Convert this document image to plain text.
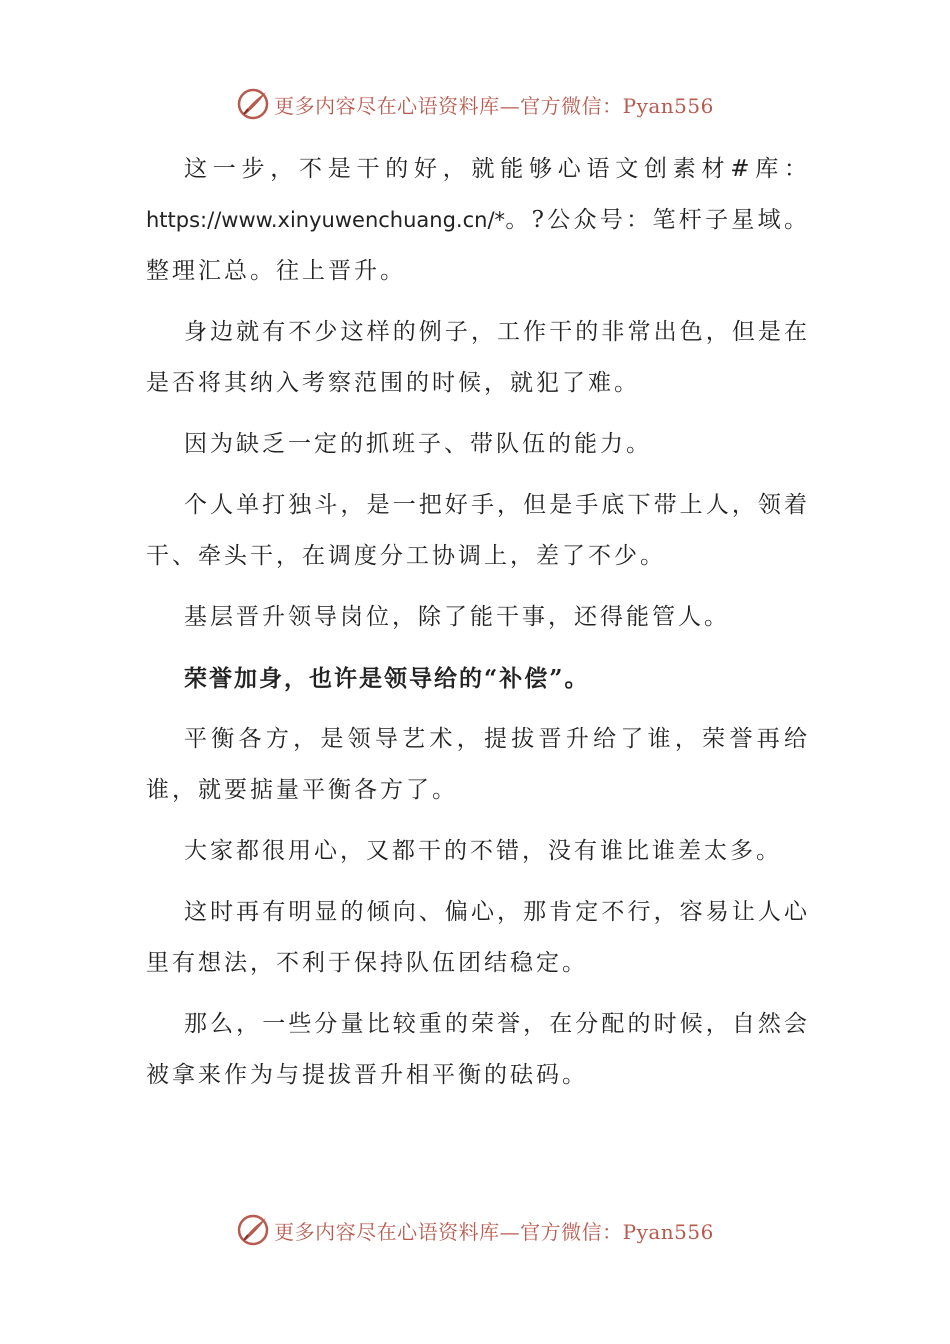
更多内容尽在心语资料库—官方微信：Pyan556

这一步，不是干的好，就能够心语文创素材#库：https://www.xinyuwenchuang.cn/*。?公众号：笔杆子星域。整理汇总。往上晋升。

身边就有不少这样的例子，工作干的非常出色，但是在是否将其纳入考察范围的时候，就犯了难。

因为缺乏一定的抓班子、带队伍的能力。

个人单打独斗，是一把好手，但是手底下带上人，领着干、牵头干，在调度分工协调上，差了不少。

基层晋升领导岗位，除了能干事，还得能管人。

荣誉加身，也许是领导给的“补偿”。

平衡各方，是领导艺术，提拔晋升给了谁，荣誉再给谁，就要掂量平衡各方了。

大家都很用心，又都干的不错，没有谁比谁差太多。

这时再有明显的倾向、偏心，那肯定不行，容易让人心里有想法，不利于保持队伍团结稳定。

那么，一些分量比较重的荣誉，在分配的时候，自然会被拿来作为与提拔晋升相平衡的砝码。

更多内容尽在心语资料库—官方微信：Pyan556
